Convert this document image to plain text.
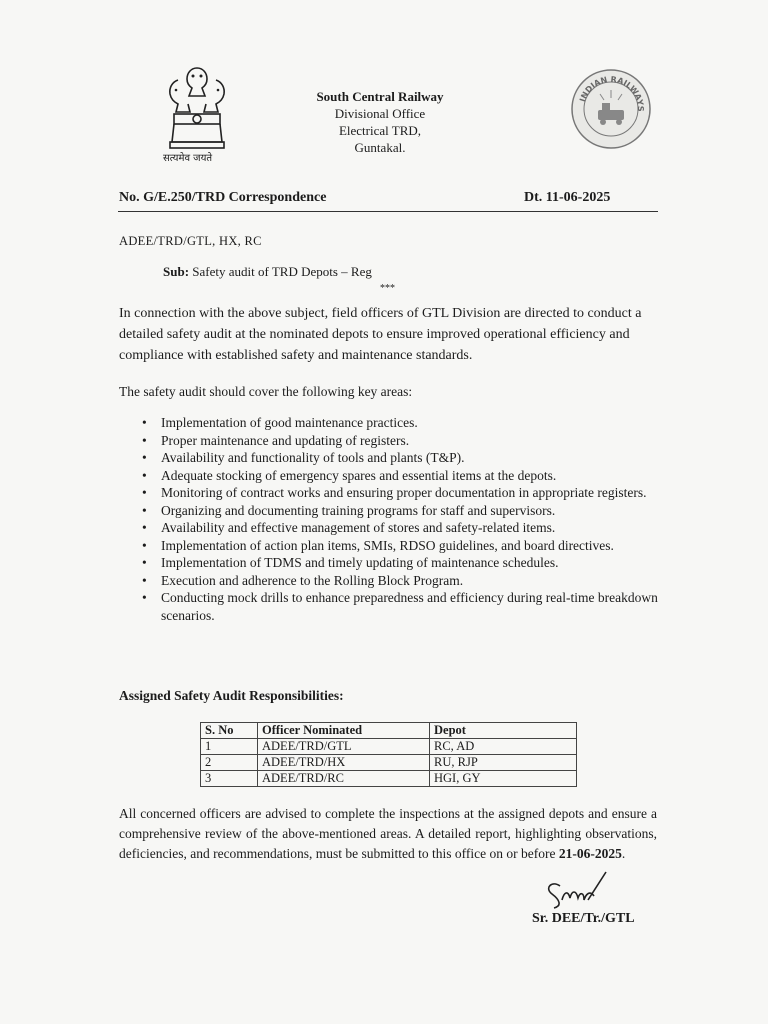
सत्यमेव जयते
South Central Railway
Divisional Office
Electrical TRD,
Guntakal.
INDIAN RAILWAYS
No. G/E.250/TRD Correspondence	Dt. 11-06-2025
ADEE/TRD/GTL, HX, RC
Sub: Safety audit of TRD Depots – Reg
***
In connection with the above subject, field officers of GTL Division are directed to conduct a detailed safety audit at the nominated depots to ensure improved operational efficiency and compliance with established safety and maintenance standards.
The safety audit should cover the following key areas:
• Implementation of good maintenance practices.
• Proper maintenance and updating of registers.
• Availability and functionality of tools and plants (T&P).
• Adequate stocking of emergency spares and essential items at the depots.
• Monitoring of contract works and ensuring proper documentation in appropriate registers.
• Organizing and documenting training programs for staff and supervisors.
• Availability and effective management of stores and safety-related items.
• Implementation of action plan items, SMIs, RDSO guidelines, and board directives.
• Implementation of TDMS and timely updating of maintenance schedules.
• Execution and adherence to the Rolling Block Program.
• Conducting mock drills to enhance preparedness and efficiency during real-time breakdown scenarios.
Assigned Safety Audit Responsibilities:
S. No	Officer Nominated	Depot
1	ADEE/TRD/GTL	RC, AD
2	ADEE/TRD/HX	RU, RJP
3	ADEE/TRD/RC	HGI, GY
All concerned officers are advised to complete the inspections at the assigned depots and ensure a comprehensive review of the above-mentioned areas. A detailed report, highlighting observations, deficiencies, and recommendations, must be submitted to this office on or before 21-06-2025.
Sr. DEE/Tr./GTL
